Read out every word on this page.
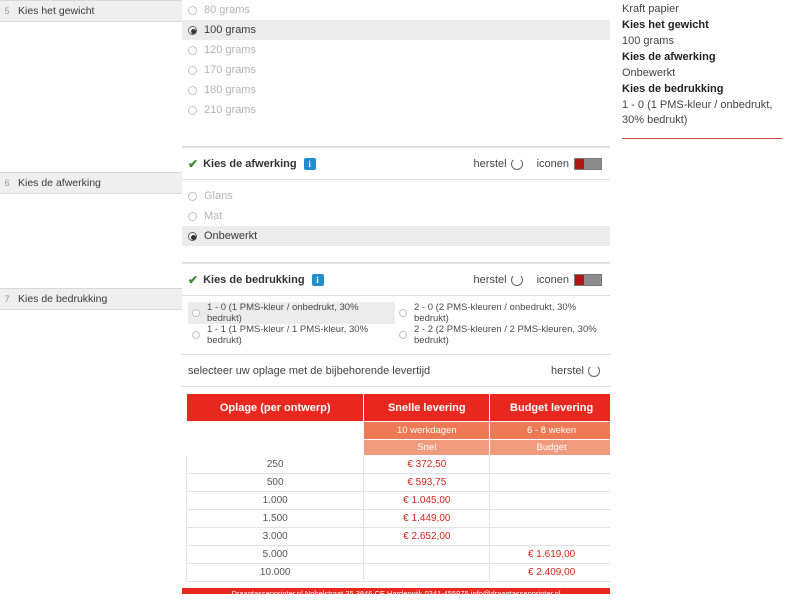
5 Kies het gewicht
6 Kies de afwerking
7 Kies de bedrukking
80 grams
100 grams
120 grams
170 grams
180 grams
210 grams
✔ Kies de afwerking	i	herstel	iconen
Glans
Mat
Onbewerkt
✔ Kies de bedrukking	i	herstel	iconen
1 - 0 (1 PMS-kleur / onbedrukt, 30% bedrukt)
2 - 0 (2 PMS-kleuren / onbedrukt, 30% bedrukt)
1 - 1 (1 PMS-kleur / 1 PMS-kleur, 30% bedrukt)
2 - 2 (2 PMS-kleuren / 2 PMS-kleuren, 30% bedrukt)
selecteer uw oplage met de bijbehorende levertijd	herstel
Oplage (per ontwerp)	Snelle levering	Budget levering
	10 werkdagen	6 - 8 weken
	Snel	Budget
250	€ 372,50	
500	€ 593,75	
1.000	€ 1.045,00	
1.500	€ 1.449,00	
3.000	€ 2.652,00	
5.000		€ 1.619,00
10.000		€ 2.409,00
Kraft papier
Kies het gewicht
100 grams
Kies de afwerking
Onbewerkt
Kies de bedrukking
1 - 0 (1 PMS-kleur / onbedrukt,
30% bedrukt)
